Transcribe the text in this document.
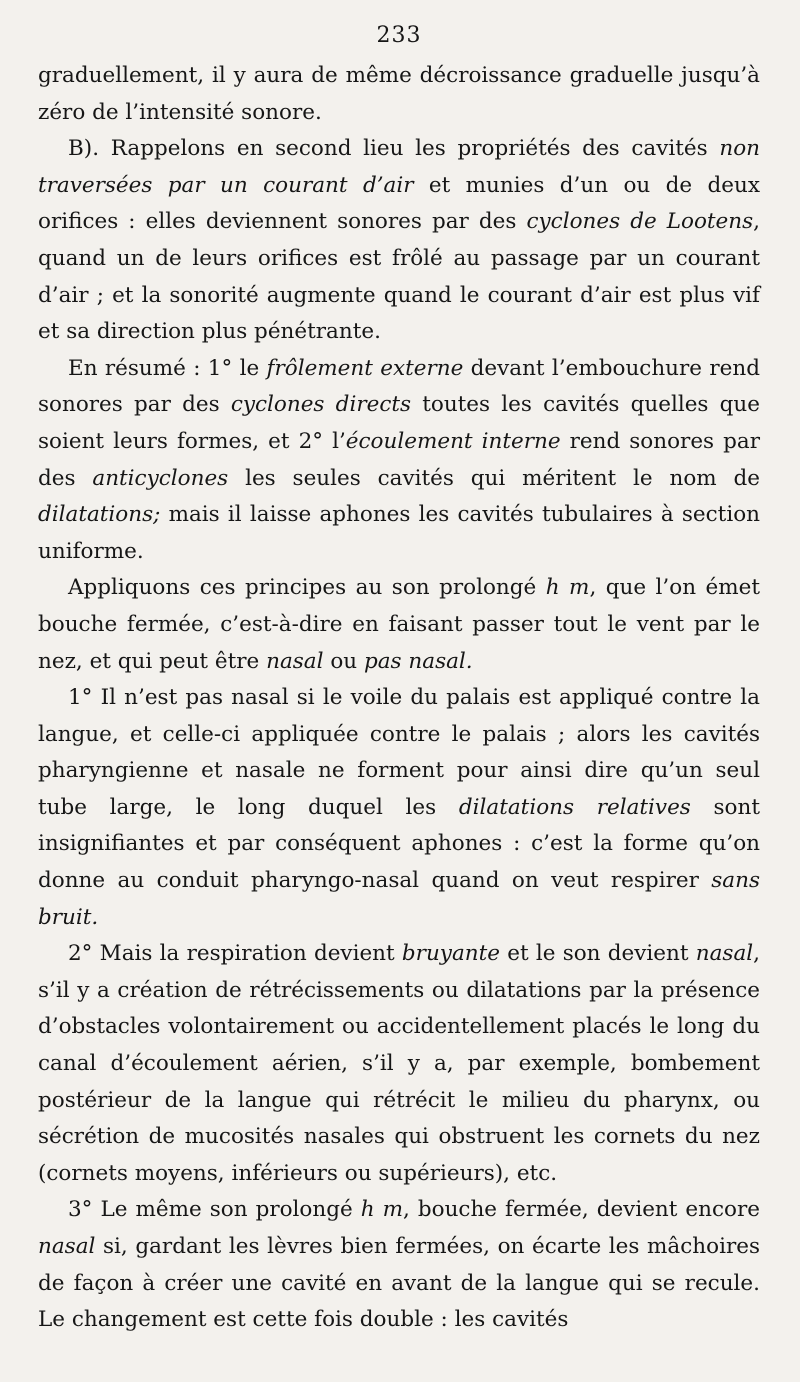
233

graduellement, il y aura de même décroissance graduelle jusqu’à zéro de l’intensité sonore.

B). Rappelons en second lieu les propriétés des cavités non traversées par un courant d’air et munies d’un ou de deux orifices : elles deviennent sonores par des cyclones de Lootens, quand un de leurs orifices est frôlé au passage par un courant d’air ; et la sonorité augmente quand le courant d’air est plus vif et sa direction plus pénétrante.

En résumé : 1° le frôlement externe devant l’embouchure rend sonores par des cyclones directs toutes les cavités quelles que soient leurs formes, et 2° l’écoulement interne rend sonores par des anticyclones les seules cavités qui méritent le nom de dilatations; mais il laisse aphones les cavités tubulaires à section uniforme.

Appliquons ces principes au son prolongé h m, que l’on émet bouche fermée, c’est-à-dire en faisant passer tout le vent par le nez, et qui peut être nasal ou pas nasal.

1° Il n’est pas nasal si le voile du palais est appliqué contre la langue, et celle-ci appliquée contre le palais ; alors les cavités pharyngienne et nasale ne forment pour ainsi dire qu’un seul tube large, le long duquel les dilatations relatives sont insignifiantes et par conséquent aphones : c’est la forme qu’on donne au conduit pharyngo-nasal quand on veut respirer sans bruit.

2° Mais la respiration devient bruyante et le son devient nasal, s’il y a création de rétrécissements ou dilatations par la présence d’obstacles volontairement ou accidentellement placés le long du canal d’écoulement aérien, s’il y a, par exemple, bombement postérieur de la langue qui rétrécit le milieu du pharynx, ou sécrétion de mucosités nasales qui obstruent les cornets du nez (cornets moyens, inférieurs ou supérieurs), etc.

3° Le même son prolongé h m, bouche fermée, devient encore nasal si, gardant les lèvres bien fermées, on écarte les mâchoires de façon à créer une cavité en avant de la langue qui se recule. Le changement est cette fois double : les cavités
